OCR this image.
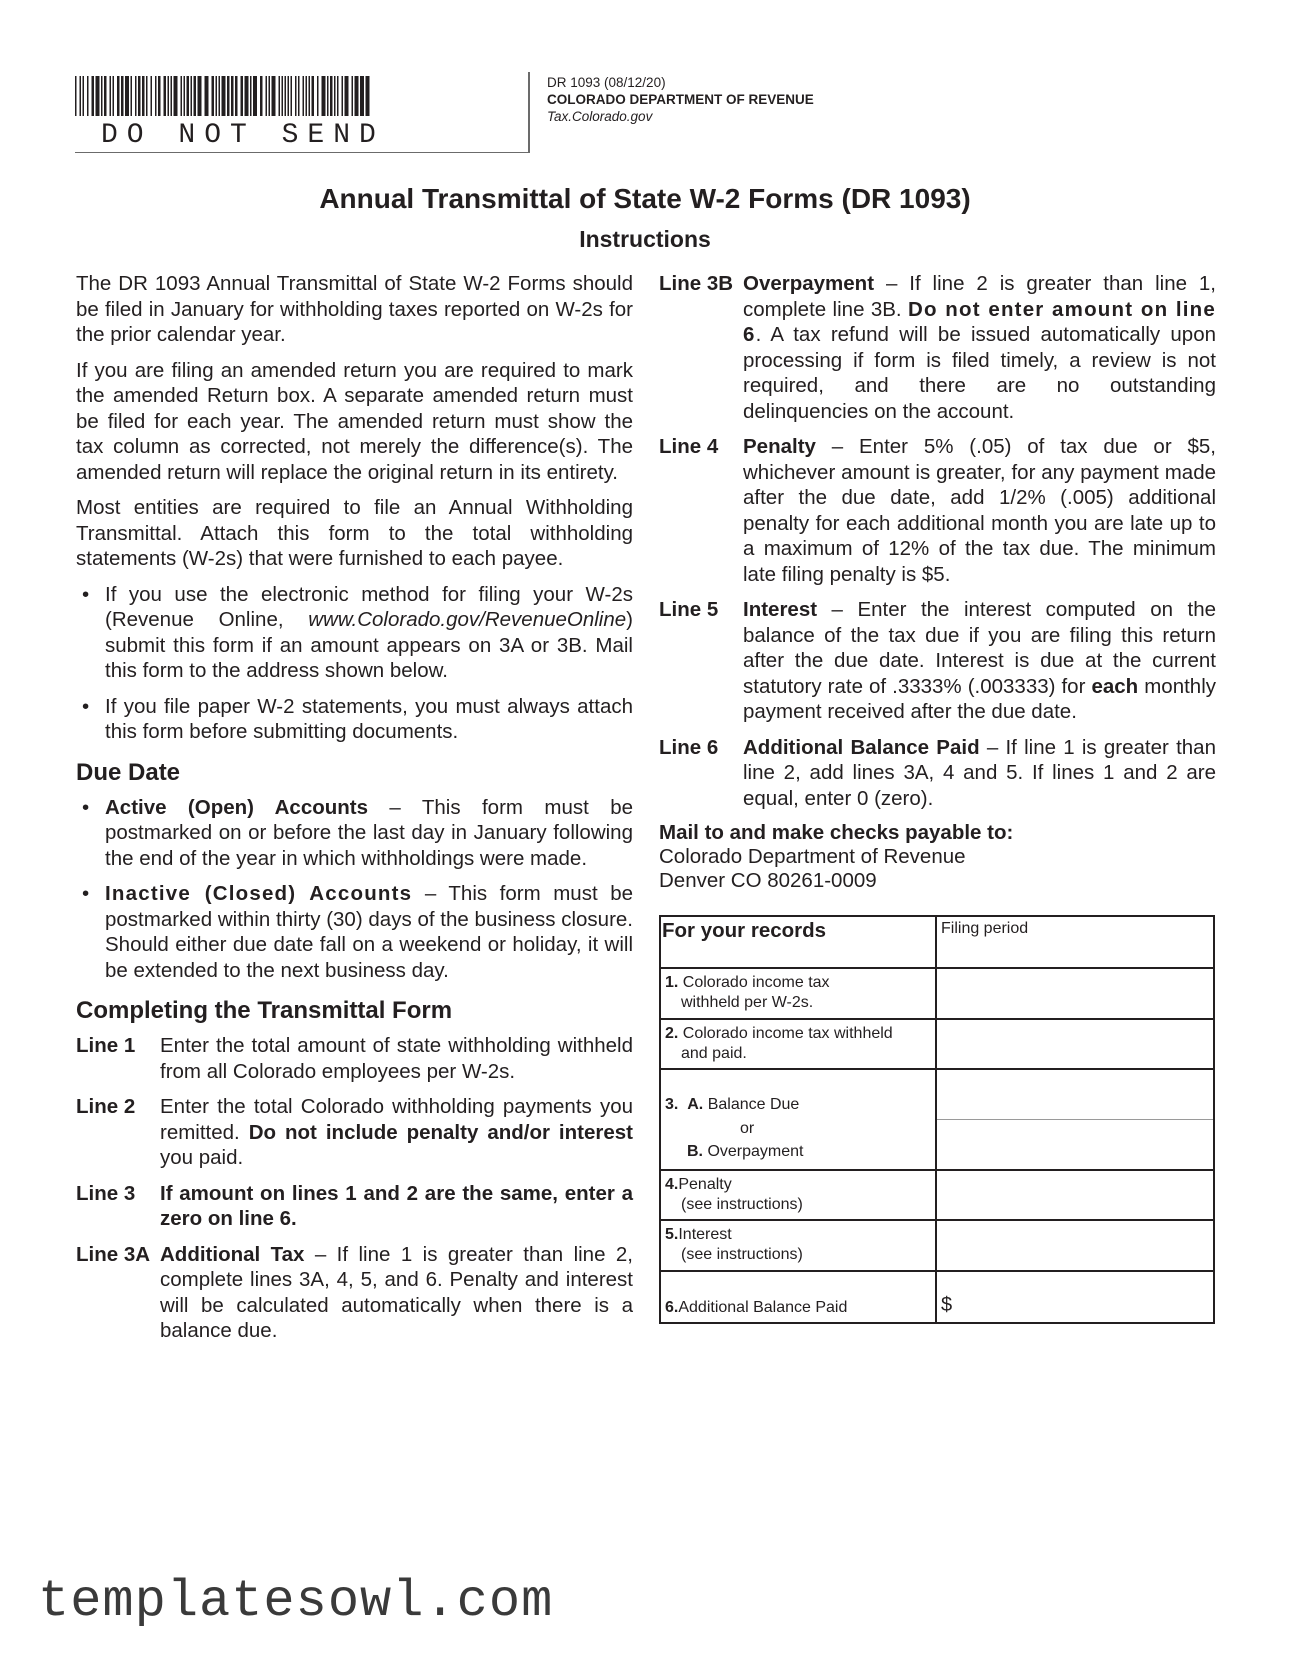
DO NOT SEND
DR 1093 (08/12/20)
COLORADO DEPARTMENT OF REVENUE
Tax.Colorado.gov
Annual Transmittal of State W-2 Forms (DR 1093)
Instructions

The DR 1093 Annual Transmittal of State W-2 Forms should be filed in January for withholding taxes reported on W-2s for the prior calendar year.

If you are filing an amended return you are required to mark the amended Return box. A separate amended return must be filed for each year. The amended return must show the tax column as corrected, not merely the difference(s). The amended return will replace the original return in its entirety.

Most entities are required to file an Annual Withholding Transmittal. Attach this form to the total withholding statements (W-2s) that were furnished to each payee.

• If you use the electronic method for filing your W-2s (Revenue Online, www.Colorado.gov/RevenueOnline) submit this form if an amount appears on 3A or 3B. Mail this form to the address shown below.
• If you file paper W-2 statements, you must always attach this form before submitting documents.
Due Date
• Active (Open) Accounts – This form must be postmarked on or before the last day in January following the end of the year in which withholdings were made.
• Inactive (Closed) Accounts – This form must be postmarked within thirty (30) days of the business closure. Should either due date fall on a weekend or holiday, it will be extended to the next business day.
Completing the Transmittal Form
Line 1	Enter the total amount of state withholding withheld from all Colorado employees per W-2s.
Line 2	Enter the total Colorado withholding payments you remitted. Do not include penalty and/or interest you paid.
Line 3	If amount on lines 1 and 2 are the same, enter a zero on line 6.
Line 3A Additional Tax – If line 1 is greater than line 2, complete lines 3A, 4, 5, and 6. Penalty and interest will be calculated automatically when there is a balance due.
Line 3B Overpayment – If line 2 is greater than line 1, complete line 3B. Do not enter amount on line 6. A tax refund will be issued automatically upon processing if form is filed timely, a review is not required, and there are no outstanding delinquencies on the account.
Line 4	Penalty – Enter 5% (.05) of tax due or $5, whichever amount is greater, for any payment made after the due date, add 1/2% (.005) additional penalty for each additional month you are late up to a maximum of 12% of the tax due. The minimum late filing penalty is $5.
Line 5	Interest – Enter the interest computed on the balance of the tax due if you are filing this return after the due date. Interest is due at the current statutory rate of .3333% (.003333) for each monthly payment received after the due date.
Line 6	Additional Balance Paid – If line 1 is greater than line 2, add lines 3A, 4 and 5. If lines 1 and 2 are equal, enter 0 (zero).
Mail to and make checks payable to:
Colorado Department of Revenue
Denver CO 80261-0009
For your records	Filing period
1. Colorado income tax
withheld per W-2s.
2. Colorado income tax withheld
and paid.
3. A. Balance Due
or
B. Overpayment
4.Penalty
(see instructions)
5.Interest
(see instructions)
6.Additional Balance Paid	$
templatesowl.com
